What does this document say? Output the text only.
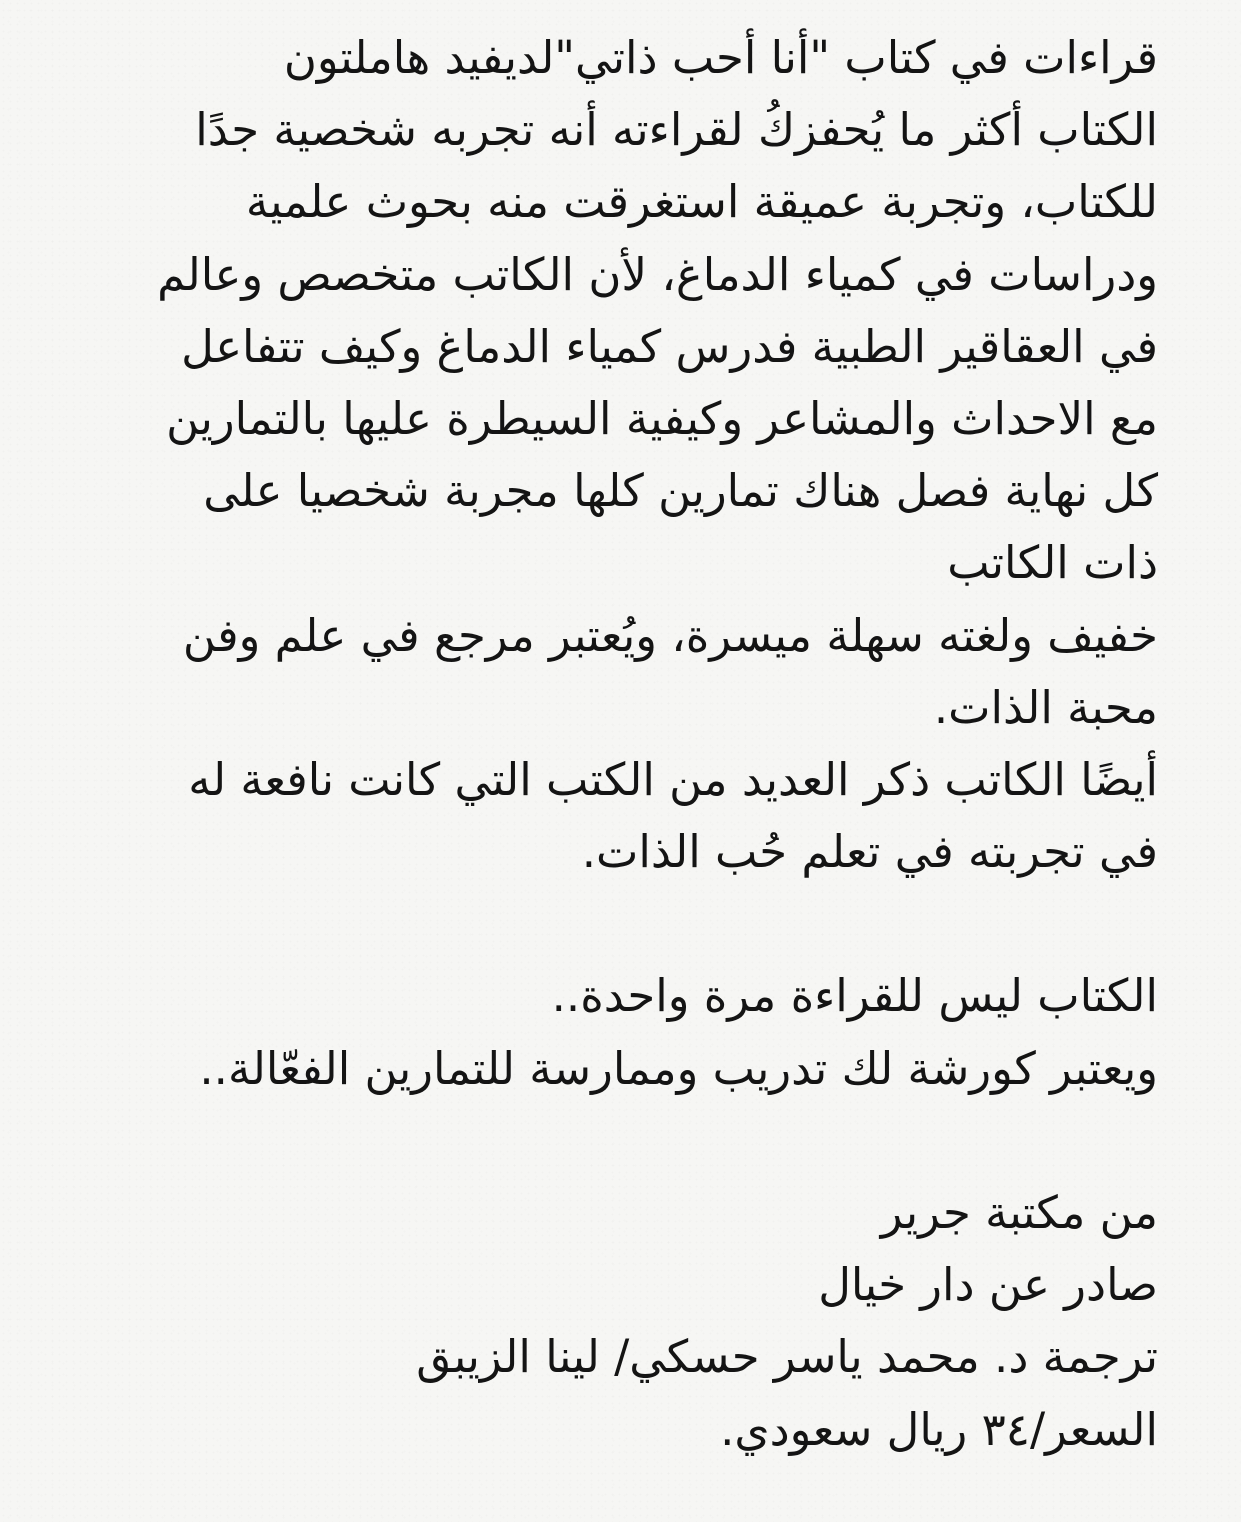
قراءات في كتاب "أنا أحب ذاتي"لديفيد هاملتون
الكتاب أكثر ما يُحفزكُ لقراءته أنه تجربه شخصية جدًا
للكتاب، وتجربة عميقة استغرقت منه بحوث علمية
ودراسات في كمياء الدماغ، لأن الكاتب متخصص وعالم
في العقاقير الطبية فدرس كمياء الدماغ وكيف تتفاعل
مع الاحداث والمشاعر وكيفية السيطرة عليها بالتمارين
كل نهاية فصل هناك تمارين كلها مجربة شخصيا على
ذات الكاتب
خفيف ولغته سهلة ميسرة، ويُعتبر مرجع في علم وفن
محبة الذات.
أيضًا الكاتب ذكر العديد من الكتب التي كانت نافعة له
في تجربته في تعلم حُب الذات.
الكتاب ليس للقراءة مرة واحدة..
ويعتبر كورشة لك تدريب وممارسة للتمارين الفعّالة..
من مكتبة جرير
صادر عن دار خيال
ترجمة د. محمد ياسر حسكي/ لينا الزيبق
السعر/٣٤ ريال سعودي.
